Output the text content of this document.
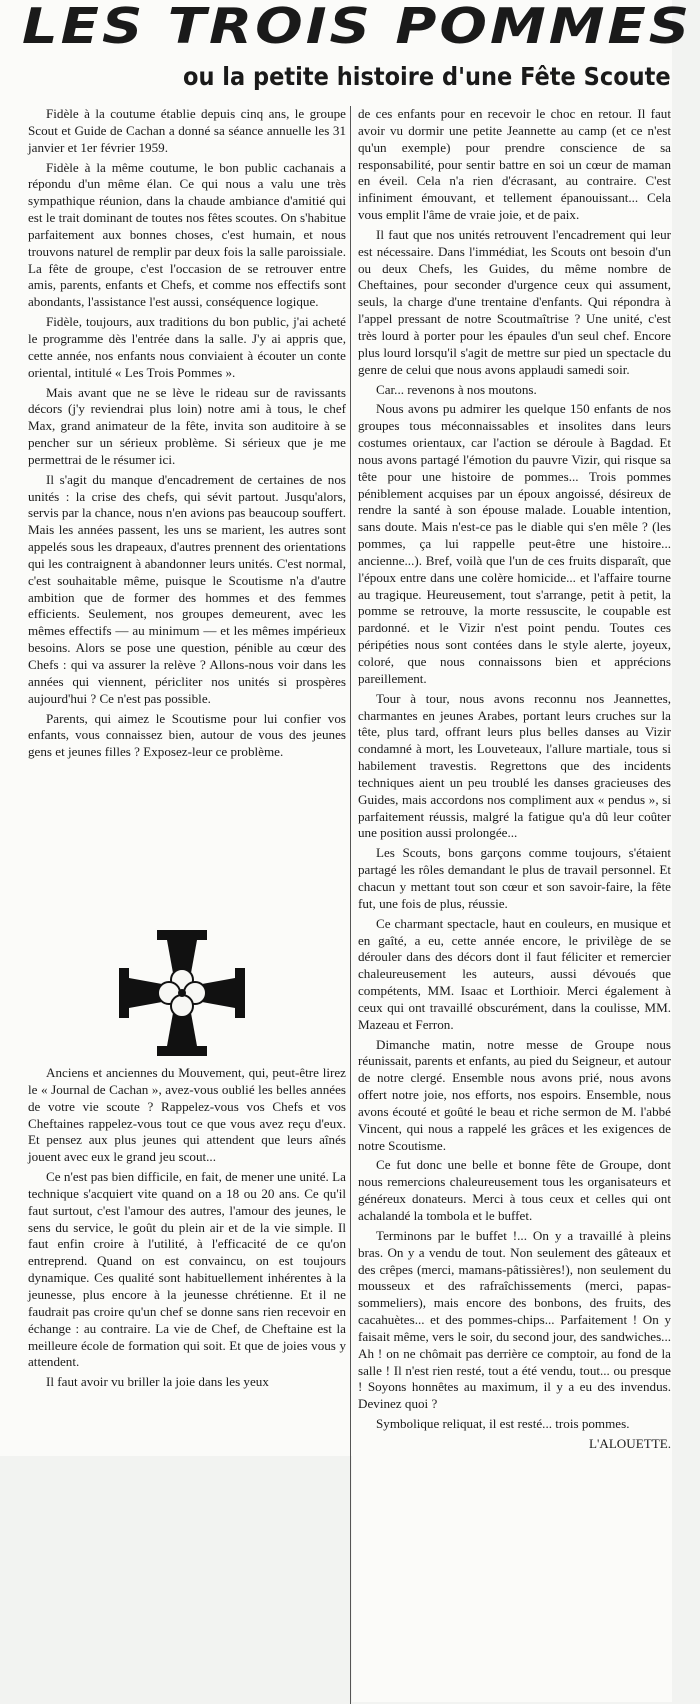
LES TROIS POMMES
ou la petite histoire d'une Fête Scoute

Fidèle à la coutume établie depuis cinq ans, le groupe Scout et Guide de Cachan a donné sa séance annuelle les 31 janvier et 1er février 1959.

Fidèle à la même coutume, le bon public cachanais a répondu d'un même élan. Ce qui nous a valu une très sympathique réunion, dans la chaude ambiance d'amitié qui est le trait dominant de toutes nos fêtes scoutes. On s'habitue parfaitement aux bonnes choses, c'est humain, et nous trouvons naturel de remplir par deux fois la salle paroissiale. La fête de groupe, c'est l'occasion de se retrouver entre amis, parents, enfants et Chefs, et comme nos effectifs sont abondants, l'assistance l'est aussi, conséquence logique.

Fidèle, toujours, aux traditions du bon public, j'ai acheté le programme dès l'entrée dans la salle. J'y ai appris que, cette année, nos enfants nous conviaient à écouter un conte oriental, intitulé « Les Trois Pommes ».

Mais avant que ne se lève le rideau sur de ravissants décors (j'y reviendrai plus loin) notre ami à tous, le chef Max, grand animateur de la fête, invita son auditoire à se pencher sur un sérieux problème. Si sérieux que je me permettrai de le résumer ici.

Il s'agit du manque d'encadrement de certaines de nos unités : la crise des chefs, qui sévit partout. Jusqu'alors, servis par la chance, nous n'en avions pas beaucoup souffert. Mais les années passent, les uns se marient, les autres sont appelés sous les drapeaux, d'autres prennent des orientations qui les contraignent à abandonner leurs unités. C'est normal, c'est souhaitable même, puisque le Scoutisme n'a d'autre ambition que de former des hommes et des femmes efficients. Seulement, nos groupes demeurent, avec les mêmes effectifs — au minimum — et les mêmes impérieux besoins. Alors se pose une question, pénible au cœur des Chefs : qui va assurer la relève ? Allons-nous voir dans les années qui viennent, péricliter nos unités si prospères aujourd'hui ? Ce n'est pas possible.

Parents, qui aimez le Scoutisme pour lui confier vos enfants, vous connaissez bien, autour de vous des jeunes gens et jeunes filles ? Exposez-leur ce problème.

Anciens et anciennes du Mouvement, qui, peut-être lirez le « Journal de Cachan », avez-vous oublié les belles années de votre vie scoute ? Rappelez-vous vos Chefs et vos Cheftaines rappelez-vous tout ce que vous avez reçu d'eux. Et pensez aux plus jeunes qui attendent que leurs aînés jouent avec eux le grand jeu scout...

Ce n'est pas bien difficile, en fait, de mener une unité. La technique s'acquiert vite quand on a 18 ou 20 ans. Ce qu'il faut surtout, c'est l'amour des autres, l'amour des jeunes, le sens du service, le goût du plein air et de la vie simple. Il faut enfin croire à l'utilité, à l'efficacité de ce qu'on entreprend. Quand on est convaincu, on est toujours dynamique. Ces qualité sont habituellement inhérentes à la jeunesse, plus encore à la jeunesse chrétienne. Et il ne faudrait pas croire qu'un chef se donne sans rien recevoir en échange : au contraire. La vie de Chef, de Cheftaine est la meilleure école de formation qui soit. Et que de joies vous y attendent.

Il faut avoir vu briller la joie dans les yeux

de ces enfants pour en recevoir le choc en retour. Il faut avoir vu dormir une petite Jeannette au camp (et ce n'est qu'un exemple) pour prendre conscience de sa responsabilité, pour sentir battre en soi un cœur de maman en éveil. Cela n'a rien d'écrasant, au contraire. C'est infiniment émouvant, et tellement épanouissant... Cela vous emplit l'âme de vraie joie, et de paix.

Il faut que nos unités retrouvent l'encadrement qui leur est nécessaire. Dans l'immédiat, les Scouts ont besoin d'un ou deux Chefs, les Guides, du même nombre de Cheftaines, pour seconder d'urgence ceux qui assument, seuls, la charge d'une trentaine d'enfants. Qui répondra à l'appel pressant de notre Scoutmaîtrise ? Une unité, c'est très lourd à porter pour les épaules d'un seul chef. Encore plus lourd lorsqu'il s'agit de mettre sur pied un spectacle du genre de celui que nous avons applaudi samedi soir.

Car... revenons à nos moutons.

Nous avons pu admirer les quelque 150 enfants de nos groupes tous méconnaissables et insolites dans leurs costumes orientaux, car l'action se déroule à Bagdad. Et nous avons partagé l'émotion du pauvre Vizir, qui risque sa tête pour une histoire de pommes... Trois pommes péniblement acquises par un époux angoissé, désireux de rendre la santé à son épouse malade. Louable intention, sans doute. Mais n'est-ce pas le diable qui s'en mêle ? (les pommes, ça lui rappelle peut-être une histoire... ancienne...). Bref, voilà que l'un de ces fruits disparaît, que l'époux entre dans une colère homicide... et l'affaire tourne au tragique. Heureusement, tout s'arrange, petit à petit, la pomme se retrouve, la morte ressuscite, le coupable est pardonné. et le Vizir n'est point pendu. Toutes ces péripéties nous sont contées dans le style alerte, joyeux, coloré, que nous connaissons bien et apprécions pareillement.

Tour à tour, nous avons reconnu nos Jeannettes, charmantes en jeunes Arabes, portant leurs cruches sur la tête, plus tard, offrant leurs plus belles danses au Vizir condamné à mort, les Louveteaux, l'allure martiale, tous si habilement travestis. Regrettons que des incidents techniques aient un peu troublé les danses gracieuses des Guides, mais accordons nos compliment aux « pendus », si parfaitement réussis, malgré la fatigue qu'a dû leur coûter une position aussi prolongée...

Les Scouts, bons garçons comme toujours, s'étaient partagé les rôles demandant le plus de travail personnel. Et chacun y mettant tout son cœur et son savoir-faire, la fête fut, une fois de plus, réussie.

Ce charmant spectacle, haut en couleurs, en musique et en gaîté, a eu, cette année encore, le privilège de se dérouler dans des décors dont il faut féliciter et remercier chaleureusement les auteurs, aussi dévoués que compétents, MM. Isaac et Lorthioir. Merci également à ceux qui ont travaillé obscurément, dans la coulisse, MM. Mazeau et Ferron.

Dimanche matin, notre messe de Groupe nous réunissait, parents et enfants, au pied du Seigneur, et autour de notre clergé. Ensemble nous avons prié, nous avons offert notre joie, nos efforts, nos espoirs. Ensemble, nous avons écouté et goûté le beau et riche sermon de M. l'abbé Vincent, qui nous a rappelé les grâces et les exigences de notre Scoutisme.

Ce fut donc une belle et bonne fête de Groupe, dont nous remercions chaleureusement tous les organisateurs et généreux donateurs. Merci à tous ceux et celles qui ont achalandé la tombola et le buffet.

Terminons par le buffet !... On y a travaillé à pleins bras. On y a vendu de tout. Non seulement des gâteaux et des crêpes (merci, mamans-pâtissières!), non seulement du mousseux et des rafraîchissements (merci, papas-sommeliers), mais encore des bonbons, des fruits, des cacahuètes... et des pommes-chips... Parfaitement ! On y faisait même, vers le soir, du second jour, des sandwiches... Ah ! on ne chômait pas derrière ce comptoir, au fond de la salle ! Il n'est rien resté, tout a été vendu, tout... ou presque ! Soyons honnêtes au maximum, il y a eu des invendus. Devinez quoi ?

Symbolique reliquat, il est resté... trois pommes.

L'ALOUETTE.
